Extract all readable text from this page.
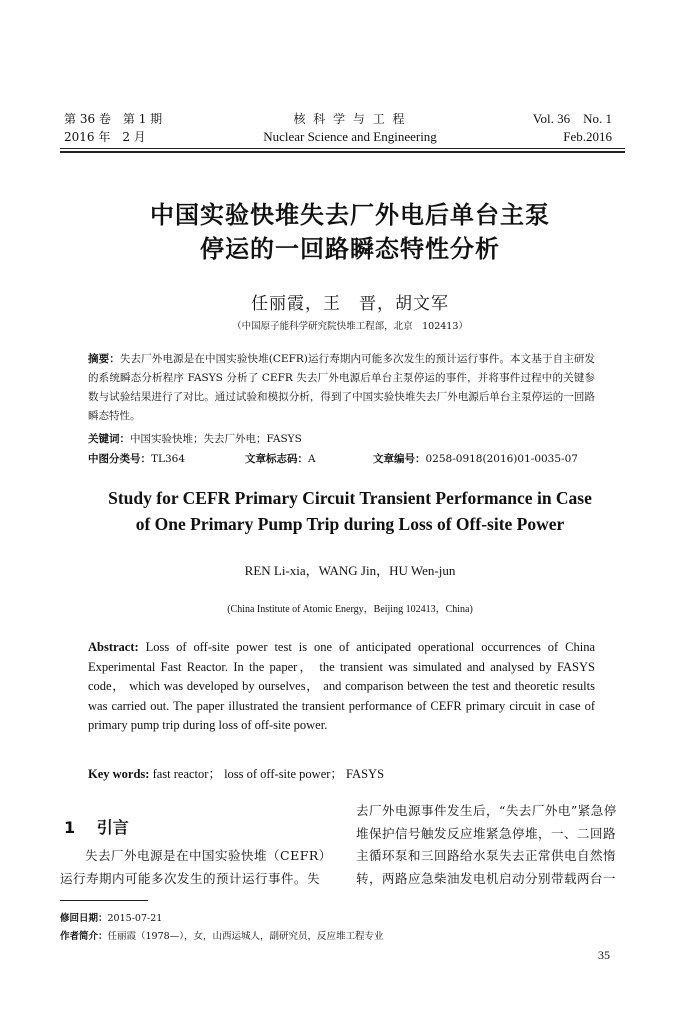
第 36 卷　第 1 期
2016 年　2 月
核 科 学 与 工 程
Nuclear Science and Engineering
Vol. 36　No. 1
Feb.2016
中国实验快堆失去厂外电后单台主泵
停运的一回路瞬态特性分析
任丽霞，王　晋，胡文军
（中国原子能科学研究院快堆工程部，北京　102413）
摘要：失去厂外电源是在中国实验快堆(CEFR)运行寿期内可能多次发生的预计运行事件。本文基于自主研发的系统瞬态分析程序 FASYS 分析了 CEFR 失去厂外电源后单台主泵停运的事件，并将事件过程中的关键参数与试验结果进行了对比。通过试验和模拟分析，得到了中国实验快堆失去厂外电源后单台主泵停运的一回路瞬态特性。
关键词：中国实验快堆；失去厂外电；FASYS
中图分类号：TL364	文章标志码：A	文章编号：0258-0918(2016)01-0035-07
Study for CEFR Primary Circuit Transient Performance in Case
of One Primary Pump Trip during Loss of Off-site Power
REN Li-xia，WANG Jin，HU Wen-jun
(China Institute of Atomic Energy，Beijing 102413，China)
Abstract: Loss of off-site power test is one of anticipated operational occurrences of China Experimental Fast Reactor. In the paper， the transient was simulated and analysed by FASYS code， which was developed by ourselves， and comparison between the test and theoretic results was carried out. The paper illustrated the transient performance of CEFR primary circuit in case of primary pump trip during loss of off-site power.
Key words: fast reactor； loss of off-site power； FASYS
1 引言
失去厂外电源是在中国实验快堆（CEFR）运行寿期内可能多次发生的预计运行事件。失
去厂外电源事件发生后，“失去厂外电”紧急停堆保护信号触发反应堆紧急停堆，一、二回路主循环泵和三回路给水泵失去正常供电自然惰转，两路应急柴油发电机启动分别带载两台一
修回日期：2015-07-21
作者简介：任丽霞（1978—），女，山西运城人，副研究员，反应堆工程专业
35
